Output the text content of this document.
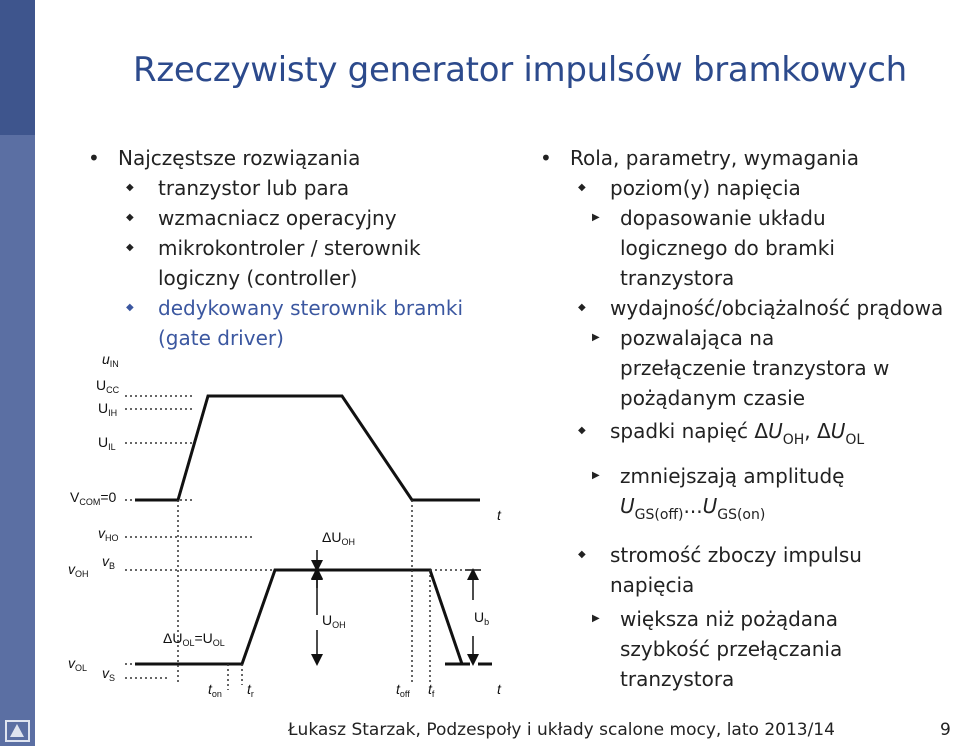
Rzeczywisty generator impulsów bramkowych
• Najczęstsze rozwiązania
◆ tranzystor lub para
◆ wzmacniacz operacyjny
◆ mikrokontroler / sterownik logiczny (controller)
◆ dedykowany sterownik bramki (gate driver)
• Rola, parametry, wymagania
◆ poziom(y) napięcia
▶ dopasowanie układu logicznego do bramki tranzystora
◆ wydajność/obciążalność prądowa
▶ pozwalająca na przełączenie tranzystora w pożądanym czasie
◆ spadki napięć $\Delta U_{OH}$, $\Delta U_{OL}$
▶ zmniejszają amplitudę
$U_{GS(off)}...U_{GS(on)}$
◆ stromość zboczy impulsu napięcia
▶ większa niż pożądana szybkość przełączania tranzystora
$u_{IN}$
$U_{CC}$
$U_{IH}$
$U_{IL}$
$V_{COM}=0$
$v_{HO}$
$v_B$
$v_{OH}$
$v_{OL}$ $v_S$
t
t
$\Delta U_{OH}$
$U_{OH}$	$U_b$
$\Delta U_{OL}=U_{OL}$
$t_{on}$ $t_r$	$t_{off}$ $t_f$
Łukasz Starzak, Podzespoły i układy scalone mocy, lato 2013/14	9
